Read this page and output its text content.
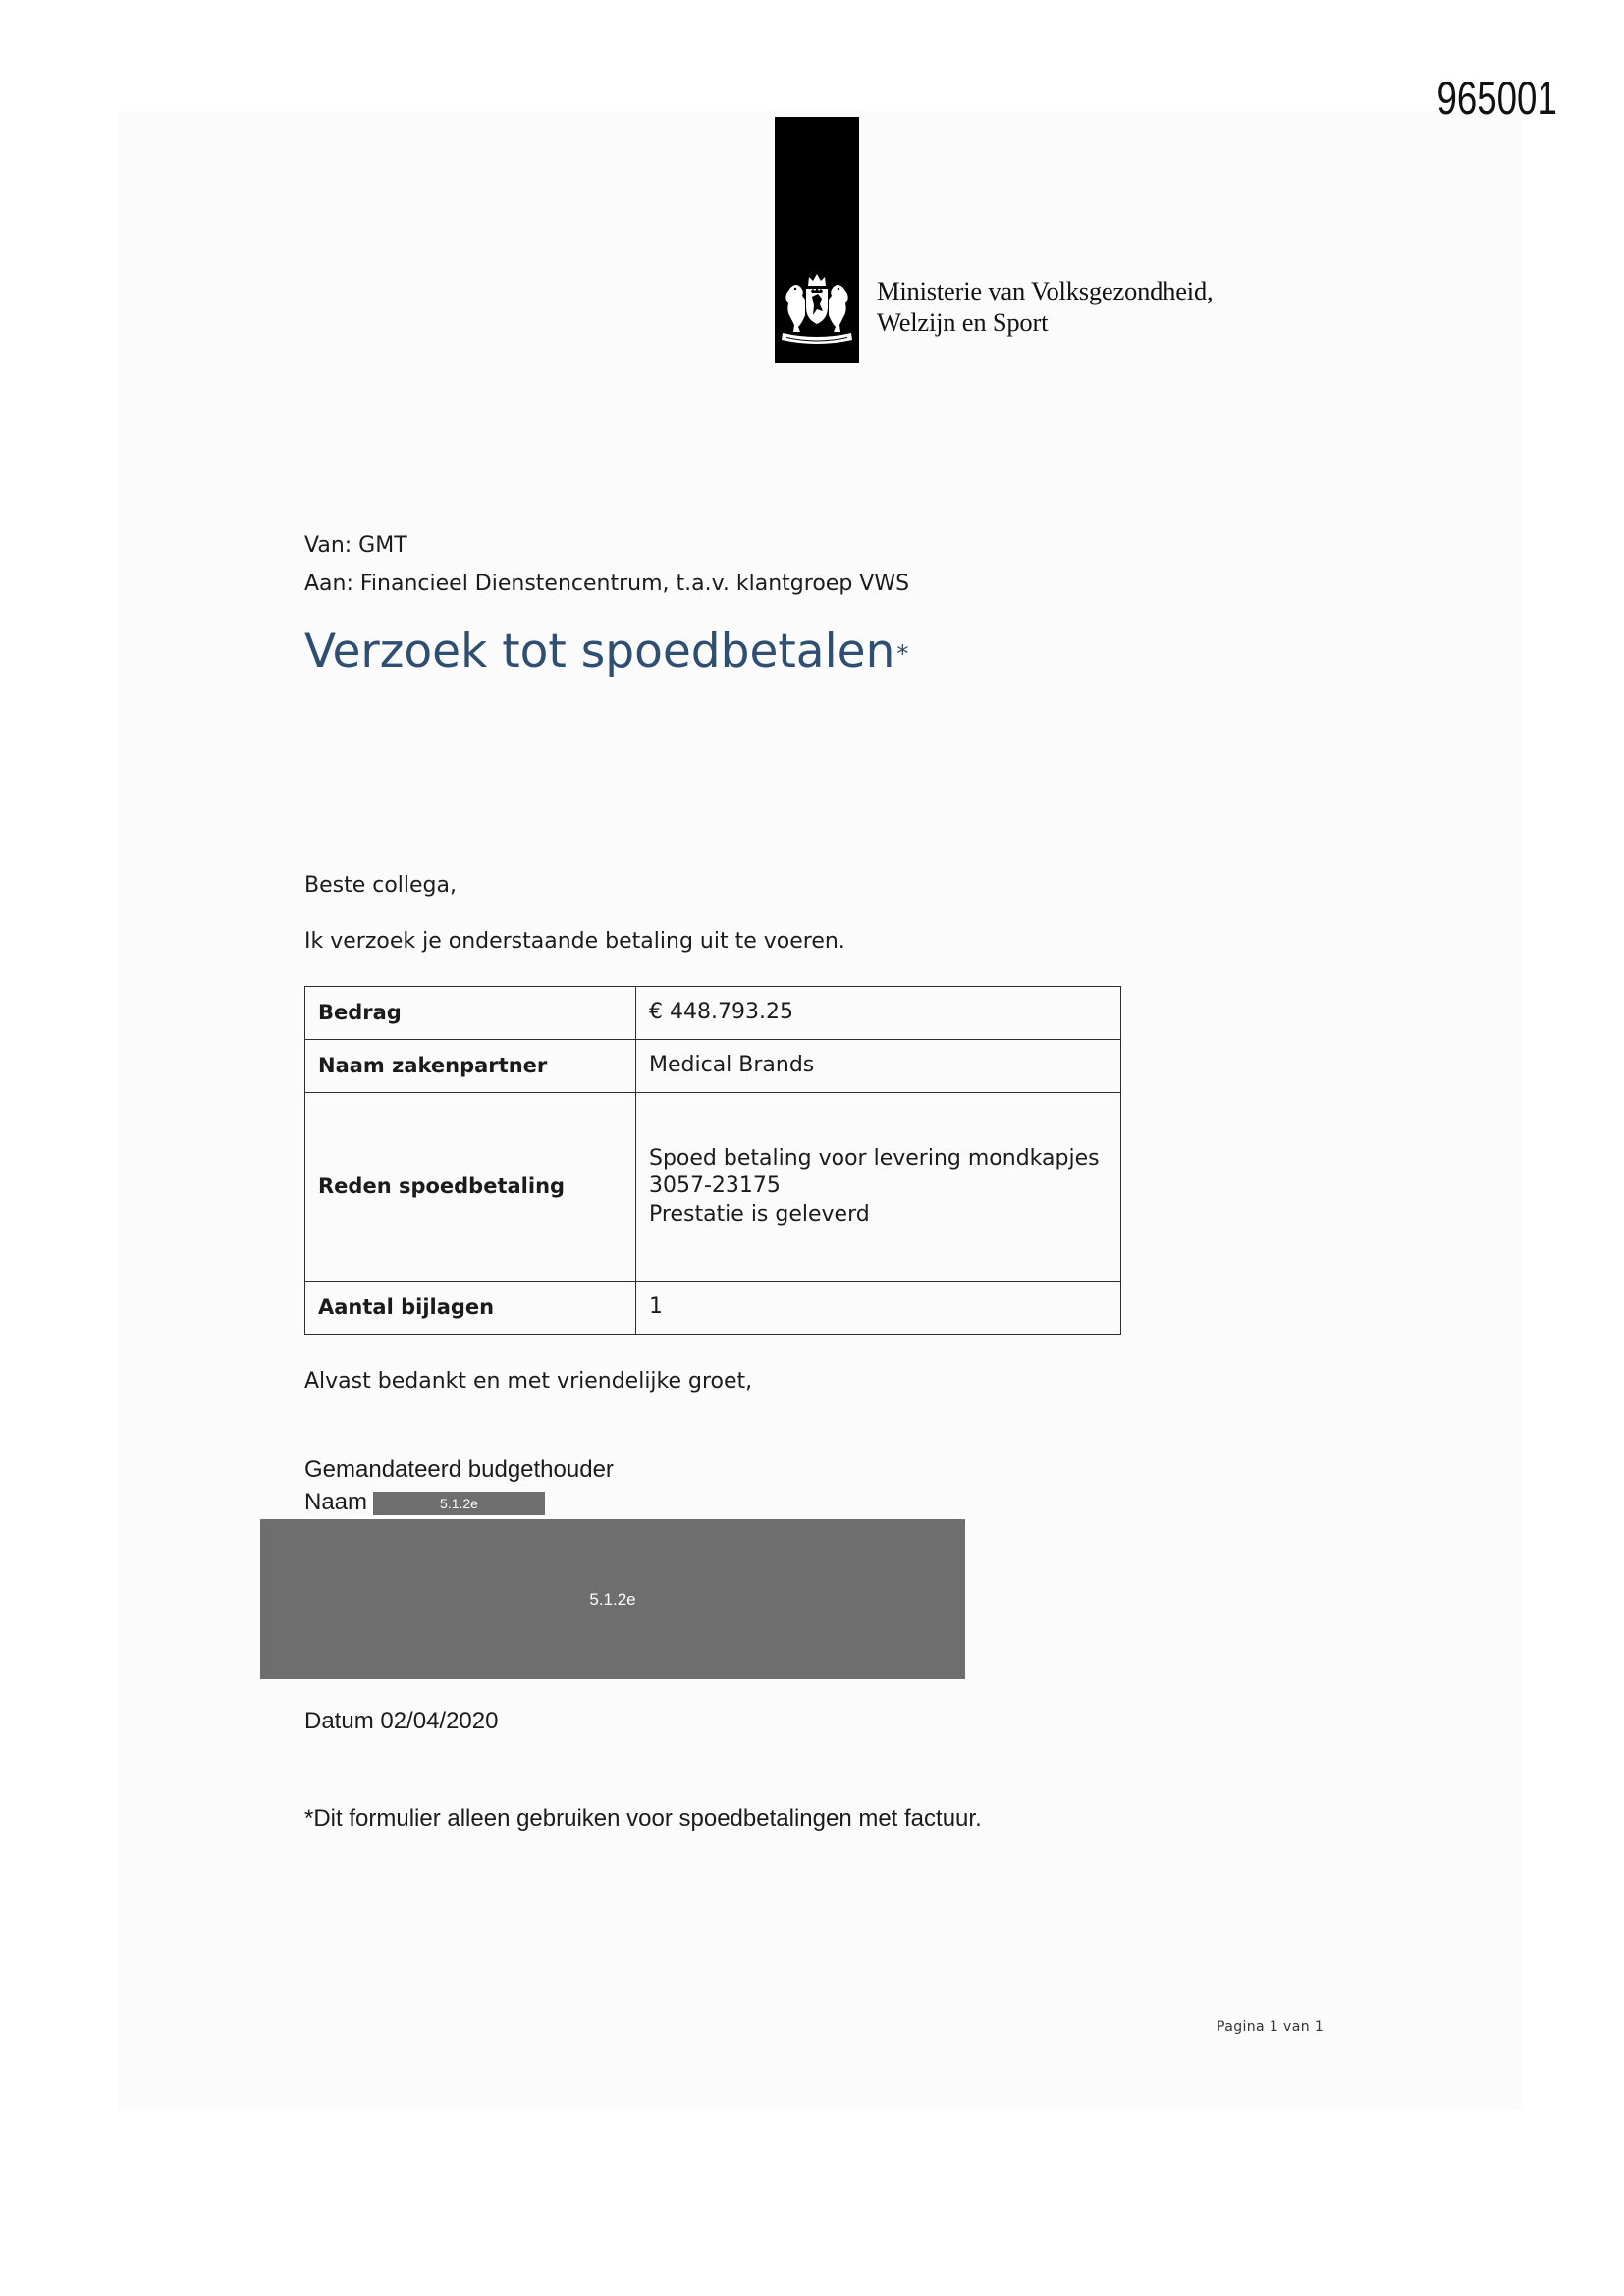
965001
Ministerie van Volksgezondheid,
Welzijn en Sport
Van: GMT
Aan: Financieel Dienstencentrum, t.a.v. klantgroep VWS
Verzoek tot spoedbetalen*
Beste collega,
Ik verzoek je onderstaande betaling uit te voeren.
Bedrag	€ 448.793.25

Naam zakenpartner	Medical Brands

Reden spoedbetaling	Spoed betaling voor levering mondkapjes
3057-23175
Prestatie is geleverd

Aantal bijlagen	1
Alvast bedankt en met vriendelijke groet,
Gemandateerd budgethouder
Naam	5.1.2e
5.1.2e
Datum 02/04/2020
*Dit formulier alleen gebruiken voor spoedbetalingen met factuur.
Pagina 1 van 1
